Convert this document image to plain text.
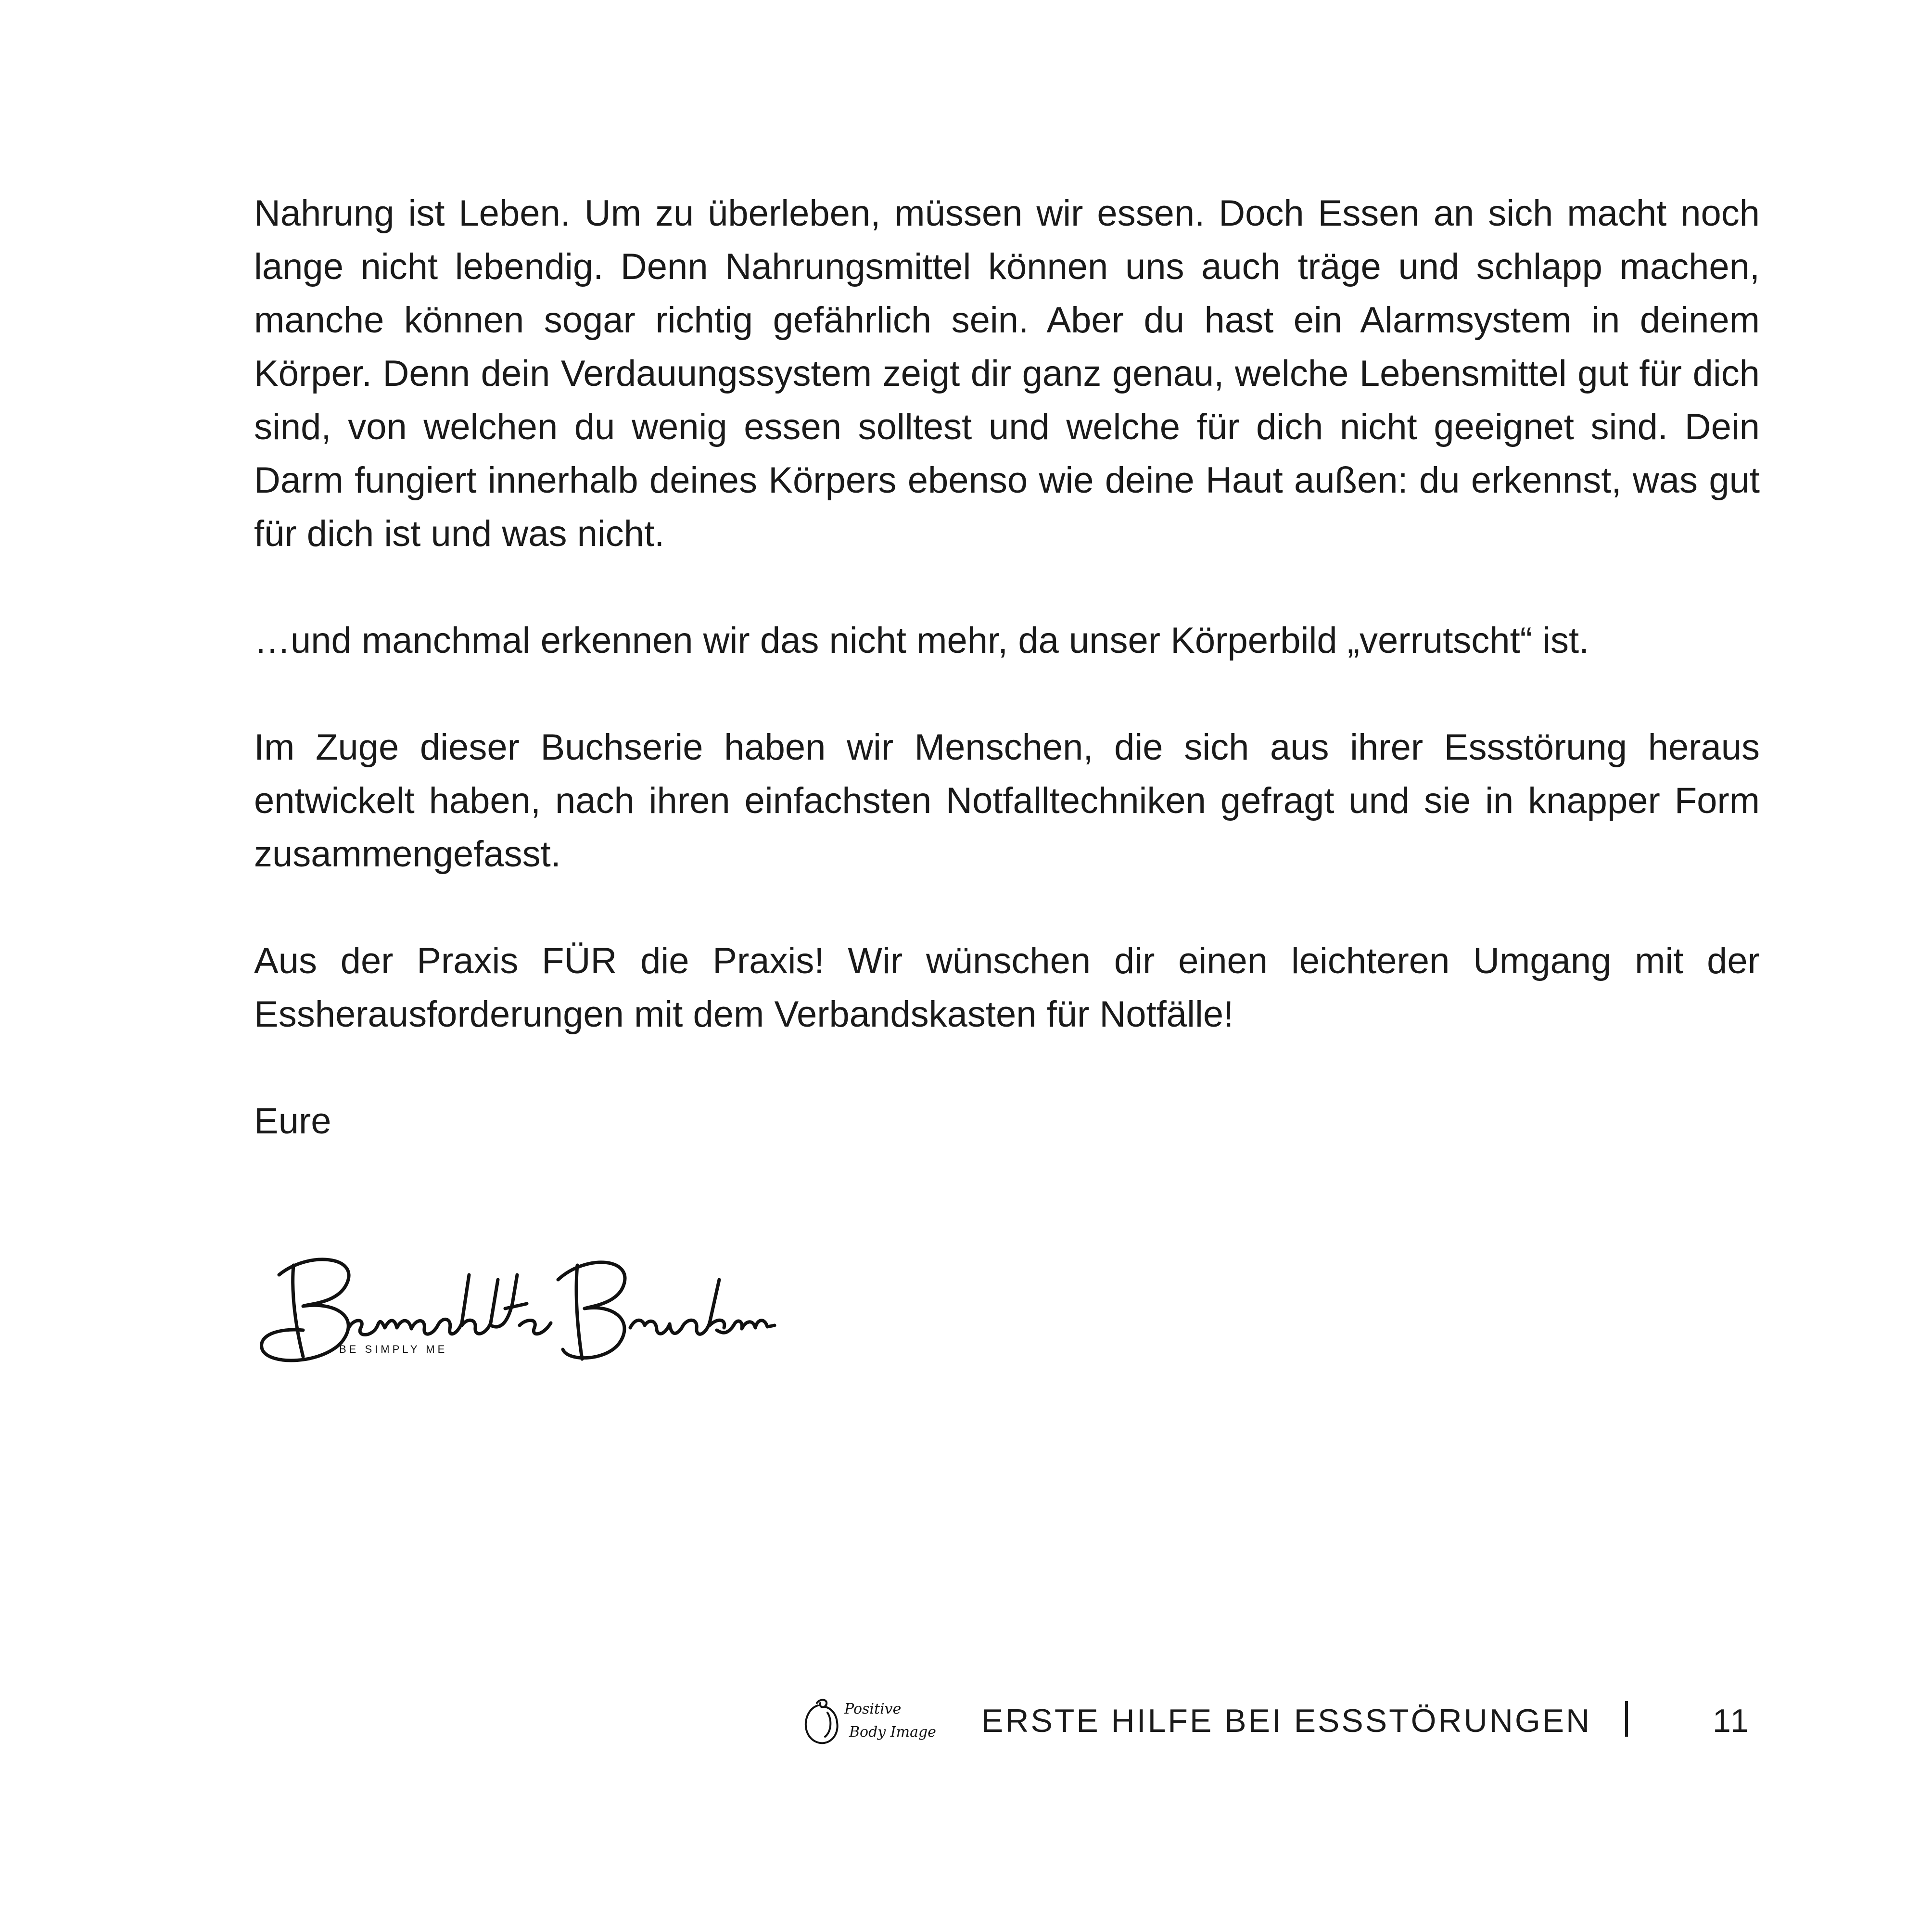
Nahrung ist Leben. Um zu überleben, müssen wir essen. Doch Essen an sich macht noch lange nicht lebendig. Denn Nahrungsmittel können uns auch träge und schlapp machen, manche können sogar richtig gefährlich sein. Aber du hast ein Alarmsystem in deinem Körper. Denn dein Verdauungssystem zeigt dir ganz genau, welche Lebensmittel gut für dich sind, von welchen du wenig essen solltest und welche für dich nicht geeignet sind. Dein Darm fungiert innerhalb deines Körpers ebenso wie deine Haut außen: du erkennst, was gut für dich ist und was nicht.

…und manchmal erkennen wir das nicht mehr, da unser Körperbild „verrutscht“ ist.

Im Zuge dieser Buchserie haben wir Menschen, die sich aus ihrer Essstörung heraus entwickelt haben, nach ihren einfachsten Notfalltechniken gefragt und sie in knapper Form zusammengefasst.

Aus der Praxis FÜR die Praxis! Wir wünschen dir einen leichteren Umgang mit der Essherausforderungen mit dem Verbandskasten für Notfälle!

Eure

BE SIMPLY ME
Positive
Body Image ERSTE HILFE BEI ESSSTÖRUNGEN	11
